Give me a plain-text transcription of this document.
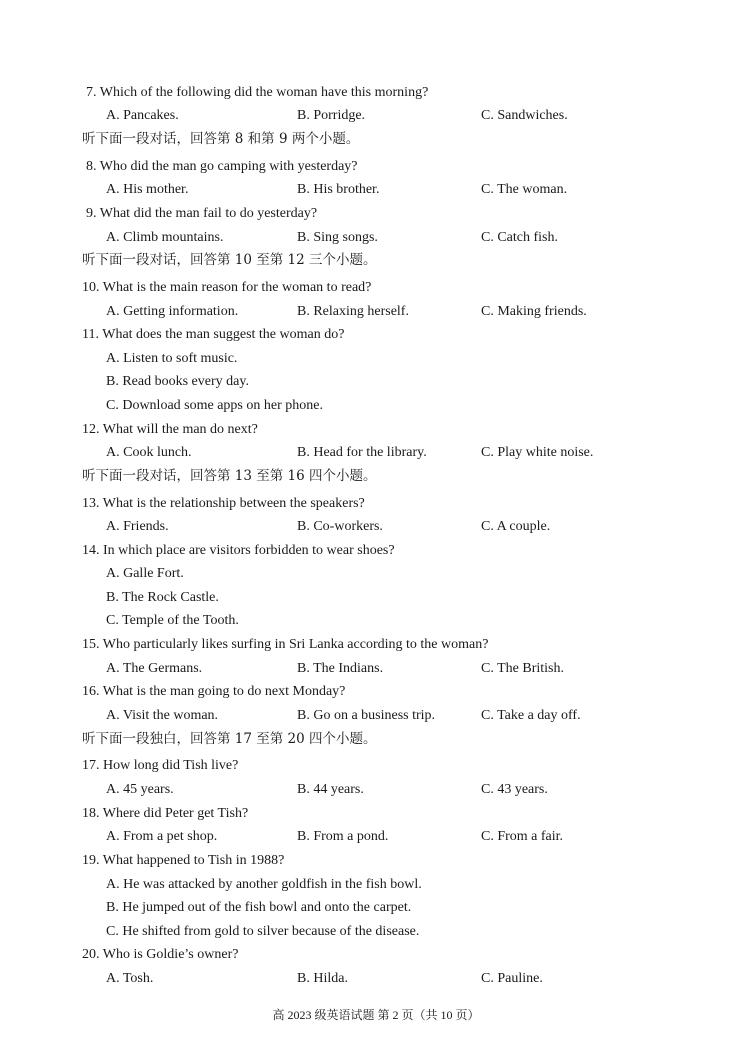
7. Which of the following did the woman have this morning?
A. Pancakes.	B. Porridge.	C. Sandwiches.
听下面一段对话，回答第 8 和第 9 两个小题。
8. Who did the man go camping with yesterday?
A. His mother.	B. His brother.	C. The woman.
9. What did the man fail to do yesterday?
A. Climb mountains.	B. Sing songs.	C. Catch fish.
听下面一段对话，回答第 10 至第 12 三个小题。
10. What is the main reason for the woman to read?
A. Getting information.	B. Relaxing herself.	C. Making friends.
11. What does the man suggest the woman do?
A. Listen to soft music.
B. Read books every day.
C. Download some apps on her phone.
12. What will the man do next?
A. Cook lunch.	B. Head for the library.	C. Play white noise.
听下面一段对话，回答第 13 至第 16 四个小题。
13. What is the relationship between the speakers?
A. Friends.	B. Co-workers.	C. A couple.
14. In which place are visitors forbidden to wear shoes?
A. Galle Fort.
B. The Rock Castle.
C. Temple of the Tooth.
15. Who particularly likes surfing in Sri Lanka according to the woman?
A. The Germans.	B. The Indians.	C. The British.
16. What is the man going to do next Monday?
A. Visit the woman.	B. Go on a business trip.	C. Take a day off.
听下面一段独白，回答第 17 至第 20 四个小题。
17. How long did Tish live?
A. 45 years.	B. 44 years.	C. 43 years.
18. Where did Peter get Tish?
A. From a pet shop.	B. From a pond.	C. From a fair.
19. What happened to Tish in 1988?
A. He was attacked by another goldfish in the fish bowl.
B. He jumped out of the fish bowl and onto the carpet.
C. He shifted from gold to silver because of the disease.
20. Who is Goldie’s owner?
A. Tosh.	B. Hilda.	C. Pauline.
高 2023 级英语试题 第 2 页（共 10 页）
